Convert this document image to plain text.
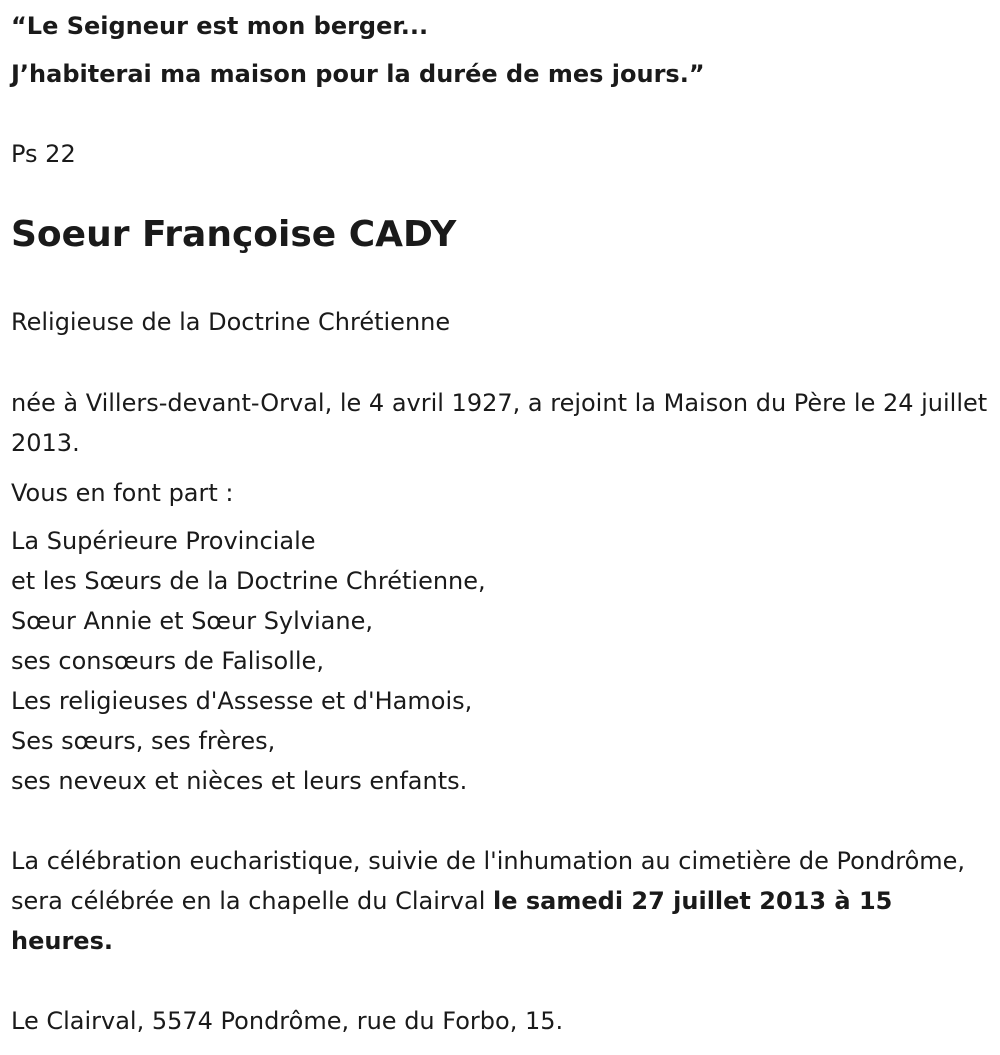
“Le Seigneur est mon berger...
J’habiterai ma maison pour la durée de mes jours.”
Ps 22
Soeur Françoise CADY
Religieuse de la Doctrine Chrétienne
née à Villers-devant-Orval, le 4 avril 1927, a rejoint la Maison du Père le 24 juillet 2013.
Vous en font part :
La Supérieure Provinciale
et les Sœurs de la Doctrine Chrétienne,
Sœur Annie et Sœur Sylviane,
ses consœurs de Falisolle,
Les religieuses d'Assesse et d'Hamois,
Ses sœurs, ses frères,
ses neveux et nièces et leurs enfants.
La célébration eucharistique, suivie de l'inhumation au cimetière de Pondrôme, sera célébrée en la chapelle du Clairval le samedi 27 juillet 2013 à 15 heures.
Le Clairval, 5574 Pondrôme, rue du Forbo, 15.
